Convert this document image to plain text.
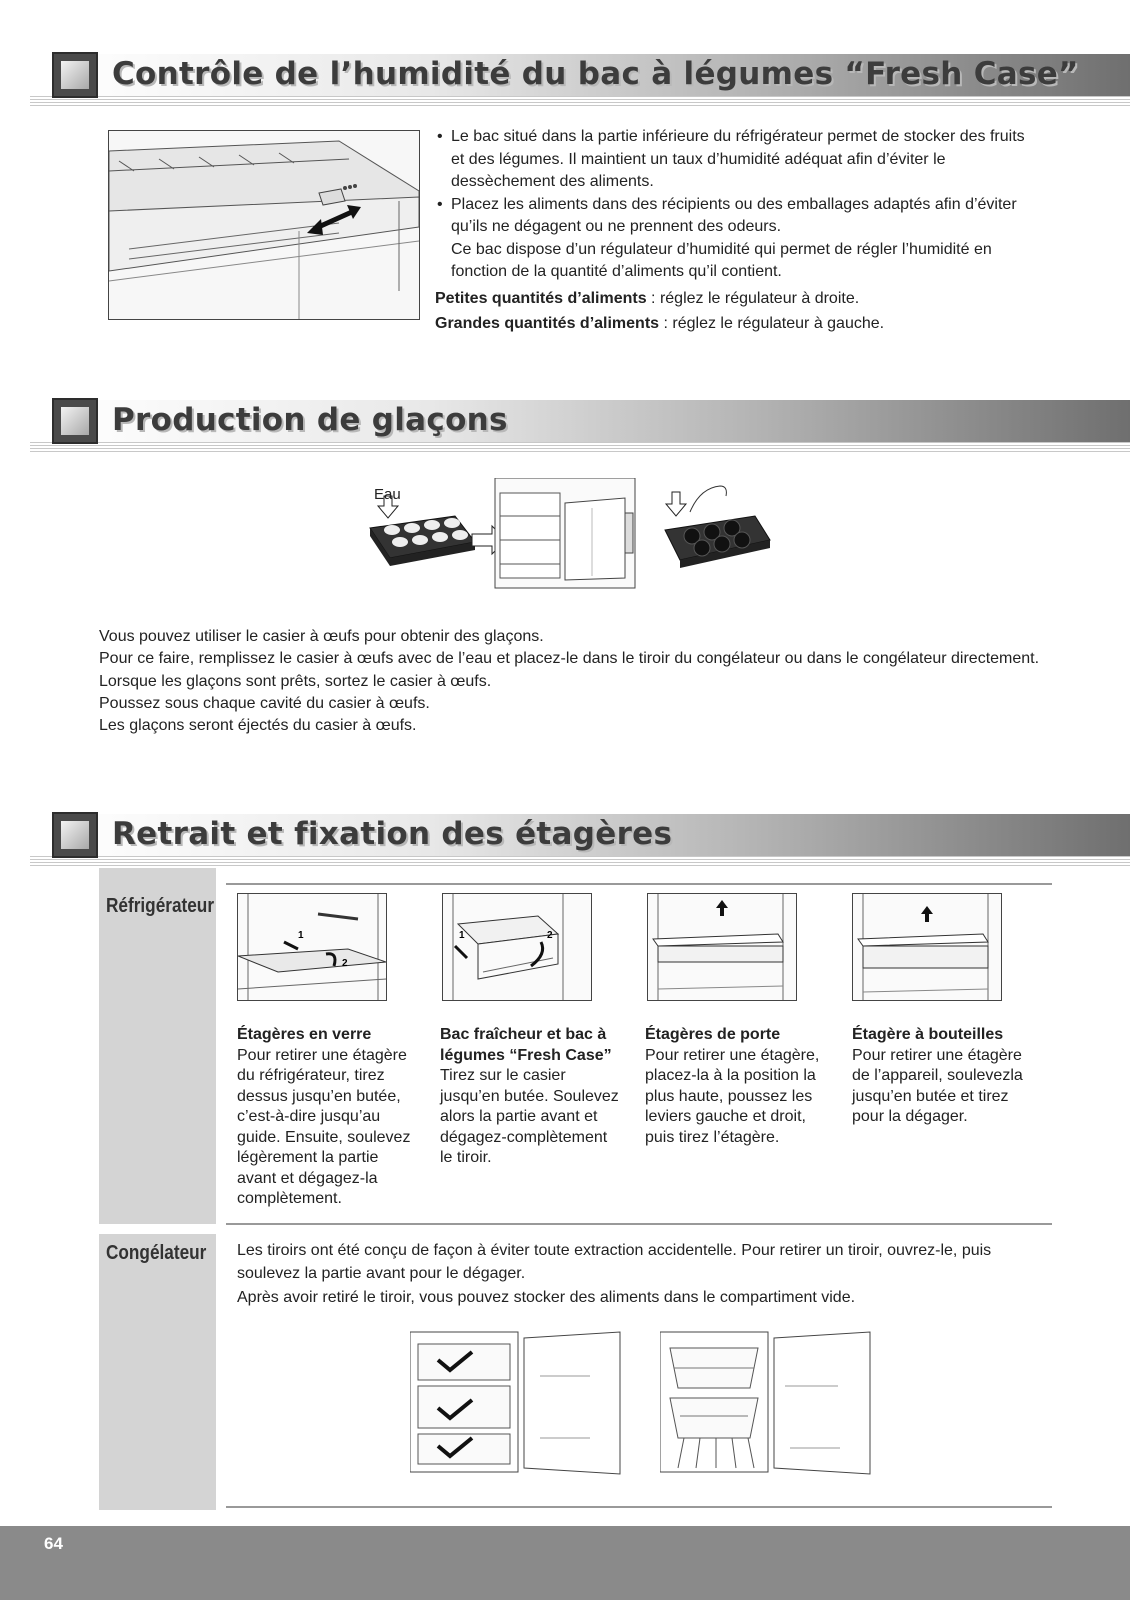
Contrôle de l’humidité du bac à légumes “Fresh Case”
• Le bac situé dans la partie inférieure du réfrigérateur permet de stocker des fruits et des légumes. Il maintient un taux d’humidité adéquat afin d’éviter le dessèchement des aliments.
• Placez les aliments dans des récipients ou des emballages adaptés afin d’éviter qu’ils ne dégagent ou ne prennent des odeurs.

Ce bac dispose d’un régulateur d’humidité qui permet de régler l’humidité en fonction de la quantité d’aliments qu’il contient.

Petites quantités d’aliments : réglez le régulateur à droite.

Grandes quantités d’aliments : réglez le régulateur à gauche.

Production de glaçons
Eau

Vous pouvez utiliser le casier à œufs pour obtenir des glaçons.

Pour ce faire, remplissez le casier à œufs avec de l’eau et placez-le dans le tiroir du congélateur ou dans le congélateur directement.

Lorsque les glaçons sont prêts, sortez le casier à œufs.

Poussez sous chaque cavité du casier à œufs.

Les glaçons seront éjectés du casier à œufs.

Retrait et fixation des étagères
Réfrigérateur
Congélateur
1
2
1	2
Étagères en verre
Pour retirer une étagère du réfrigérateur, tirez dessus jusqu’en butée, c’est-à-dire jusqu’au guide. Ensuite, soulevez légèrement la partie avant et dégagez-la complètement.
Bac fraîcheur et bac à légumes “Fresh Case”
Tirez sur le casier jusqu’en butée. Soulevez alors la partie avant et dégagez-complètement le tiroir.
Étagères de porte
Pour retirer une étagère, placez-la à la position la plus haute, poussez les leviers gauche et droit, puis tirez l’étagère.
Étagère à bouteilles
Pour retirer une étagère de l’appareil, soulevezla jusqu’en butée et tirez pour la dégager.

Les tiroirs ont été conçu de façon à éviter toute extraction accidentelle. Pour retirer un tiroir, ouvrez-le, puis soulevez la partie avant pour le dégager.

Après avoir retiré le tiroir, vous pouvez stocker des aliments dans le compartiment vide.

64
